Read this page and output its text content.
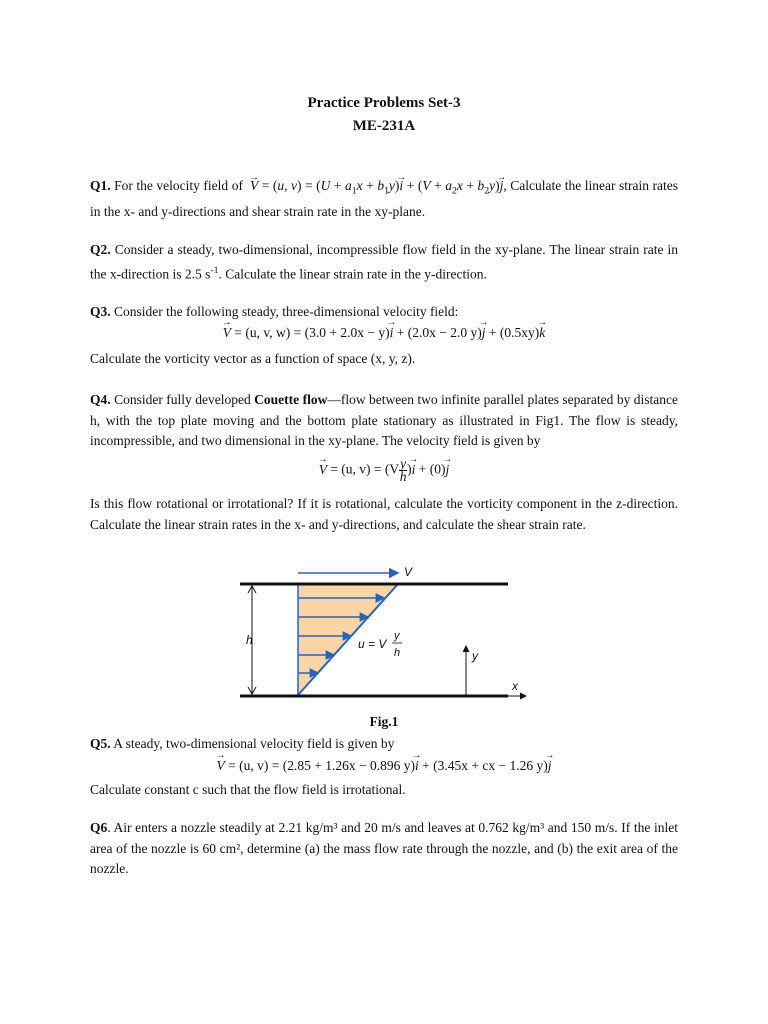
Practice Problems Set-3
ME-231A
Q1. For the velocity field of  → V = (u, $v) = (U + a_1x + b_1y)\to i + (V + a_2x + b_2y)\to j$, Calculate the linear strain rates in the x- and y-directions and shear strain rate in the xy-plane.
Q2. Consider a steady, two-dimensional, incompressible flow field in the xy-plane. The linear strain rate in the x-direction is 2.5 $s^{-1}$. Calculate the linear strain rate in the y-direction.
Q3. Consider the following steady, three-dimensional velocity field:
→ V = (u, v, w) = (3.0 + 2.0x − y)→ i + (2.0x − 2.0 y)→ j + (0.5xy)→ k
Calculate the vorticity vector as a function of space (x, y, z).
Q4. Consider fully developed Couette flow—flow between two infinite parallel plates separated by distance h, with the top plate moving and the bottom plate stationary as illustrated in Fig1. The flow is steady, incompressible, and two dimensional in the xy-plane. The velocity field is given by
→ V = (u, $v) = (V \frac{y}{h}$ )→ i + (0)→ j
Is this flow rotational or irrotational? If it is rotational, calculate the vorticity component in the z-direction. Calculate the linear strain rates in the x- and y-directions, and calculate the shear strain rate.
V
h	u = V
y
h	y
x
Fig.1
Q5. A steady, two-dimensional velocity field is given by
→ V = (u, v) = (2.85 + 1.26x − 0.896 y)→ i + (3.45x + cx − 1.26 y)→ j
Calculate constant c such that the flow field is irrotational.
Q6. Air enters a nozzle steadily at 2.21 kg/m³ and 20 m/s and leaves at 0.762 kg/m³ and 150 m/s. If the inlet area of the nozzle is 60 cm², determine (a) the mass flow rate through the nozzle, and (b) the exit area of the nozzle.
